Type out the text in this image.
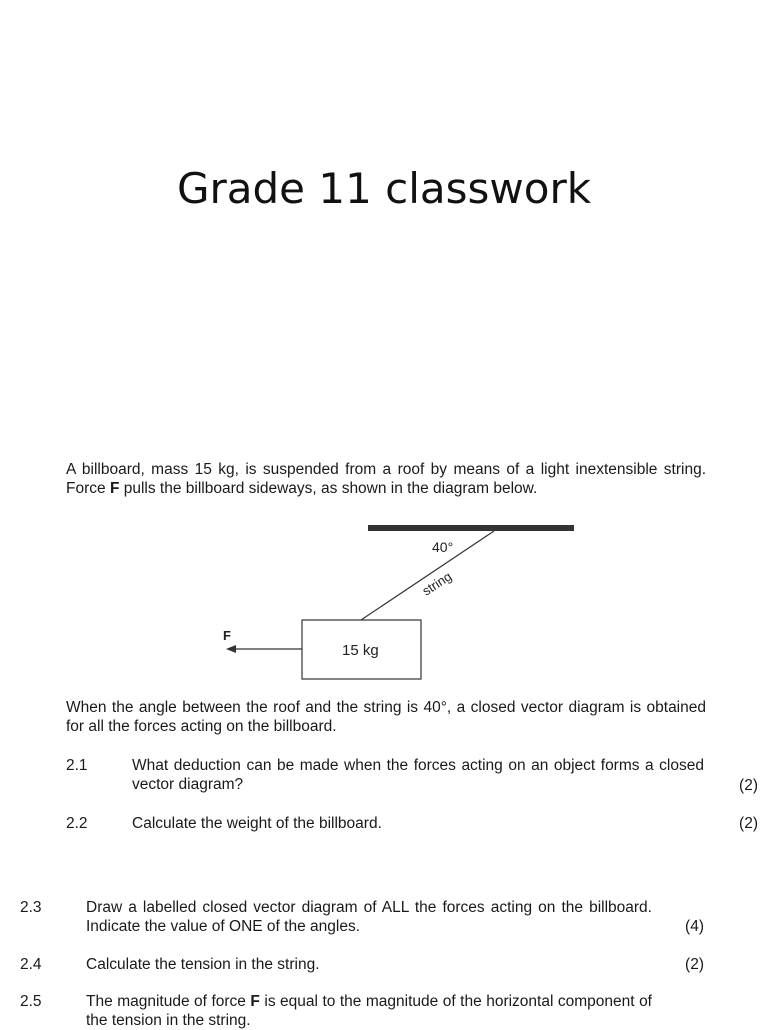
Grade 11 classwork
A billboard, mass 15 kg, is suspended from a roof by means of a light inextensible string. Force F pulls the billboard sideways, as shown in the diagram below.
40°
string
15 kg
F
When the angle between the roof and the string is 40°, a closed vector diagram is obtained for all the forces acting on the billboard.
2.1	What deduction can be made when the forces acting on an object forms a closed vector diagram?	(2)
2.2	Calculate the weight of the billboard.	(2)
2.3	Draw a labelled closed vector diagram of ALL the forces acting on the billboard. Indicate the value of ONE of the angles.	(4)
2.4	Calculate the tension in the string.	(2)
2.5	The magnitude of force F is equal to the magnitude of the horizontal component of the tension in the string.
